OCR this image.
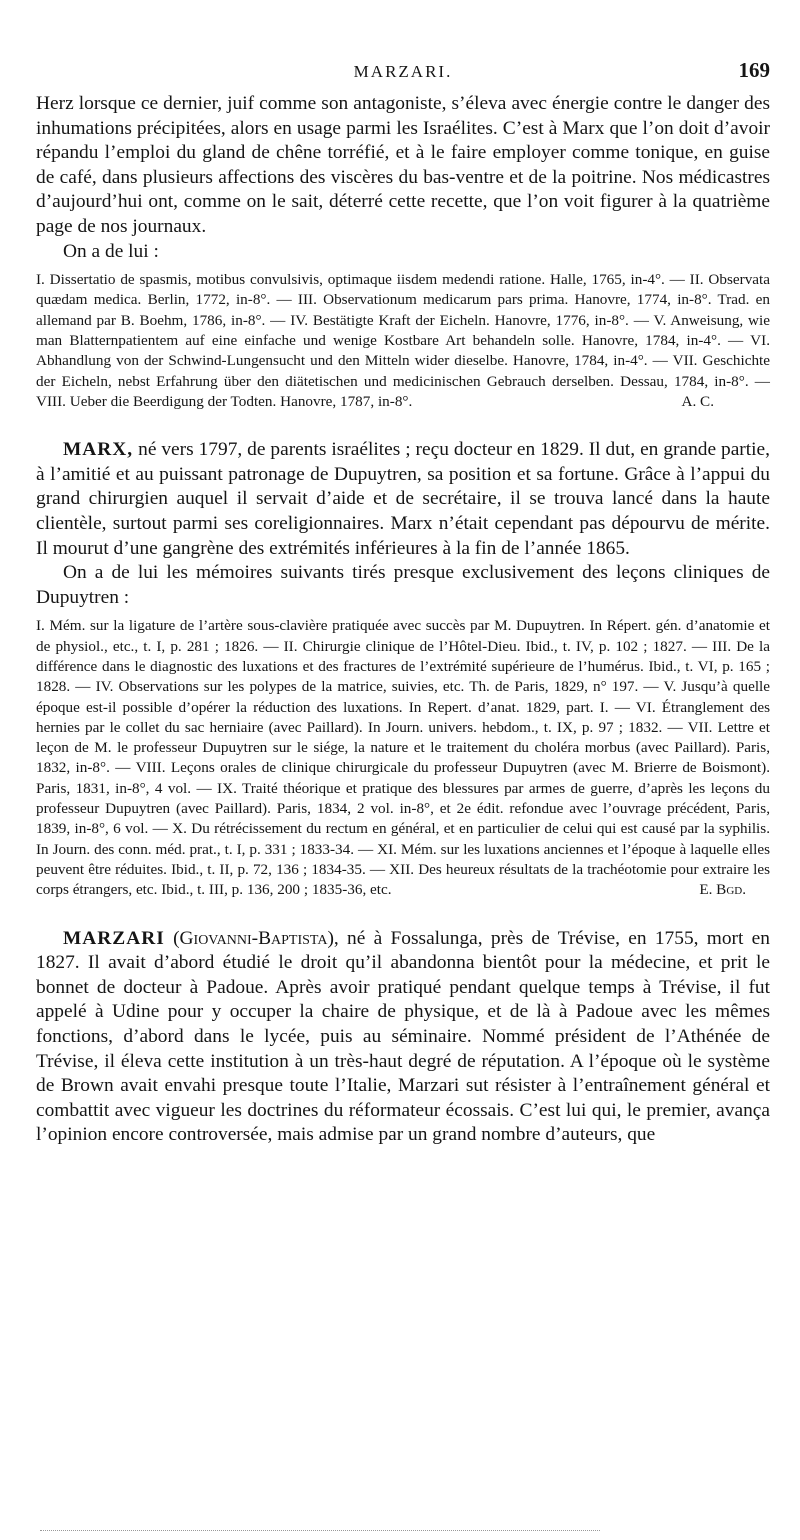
MARZARI.	169

Herz lorsque ce dernier, juif comme son antagoniste, s’éleva avec énergie contre le danger des inhumations précipitées, alors en usage parmi les Israélites. C’est à Marx que l’on doit d’avoir répandu l’emploi du gland de chêne torréfié, et à le faire employer comme tonique, en guise de café, dans plusieurs affections des viscères du bas-ventre et de la poitrine. Nos médicastres d’aujourd’hui ont, comme on le sait, déterré cette recette, que l’on voit figurer à la quatrième page de nos journaux.

On a de lui :

I. Dissertatio de spasmis, motibus convulsivis, optimaque iisdem medendi ratione. Halle, 1765, in-4°. — II. Observata quædam medica. Berlin, 1772, in-8°. — III. Observationum medicarum pars prima. Hanovre, 1774, in-8°. Trad. en allemand par B. Boehm, 1786, in-8°. — IV. Bestätigte Kraft der Eicheln. Hanovre, 1776, in-8°. — V. Anweisung, wie man Blatternpatientem auf eine einfache und wenige Kostbare Art behandeln solle. Hanovre, 1784, in-4°. — VI. Abhandlung von der Schwind-Lungensucht und den Mitteln wider dieselbe. Hanovre, 1784, in-4°. — VII. Geschichte der Eicheln, nebst Erfahrung über den diätetischen und medicinischen Gebrauch derselben. Dessau, 1784, in-8°. — VIII. Ueber die Beerdigung der Todten. Hanovre, 1787, in-8°.	A. C.

MARX, né vers 1797, de parents israélites ; reçu docteur en 1829. Il dut, en grande partie, à l’amitié et au puissant patronage de Dupuytren, sa position et sa fortune. Grâce à l’appui du grand chirurgien auquel il servait d’aide et de secrétaire, il se trouva lancé dans la haute clientèle, surtout parmi ses coreligionnaires. Marx n’était cependant pas dépourvu de mérite. Il mourut d’une gangrène des extrémités inférieures à la fin de l’année 1865.

On a de lui les mémoires suivants tirés presque exclusivement des leçons cliniques de Dupuytren :

I. Mém. sur la ligature de l’artère sous-clavière pratiquée avec succès par M. Dupuytren. In Répert. gén. d’anatomie et de physiol., etc., t. I, p. 281 ; 1826. — II. Chirurgie clinique de l’Hôtel-Dieu. Ibid., t. IV, p. 102 ; 1827. — III. De la différence dans le diagnostic des luxations et des fractures de l’extrémité supérieure de l’humérus. Ibid., t. VI, p. 165 ; 1828. — IV. Observations sur les polypes de la matrice, suivies, etc. Th. de Paris, 1829, n° 197. — V. Jusqu’à quelle époque est-il possible d’opérer la réduction des luxations. In Repert. d’anat. 1829, part. I. — VI. Étranglement des hernies par le collet du sac herniaire (avec Paillard). In Journ. univers. hebdom., t. IX, p. 97 ; 1832. — VII. Lettre et leçon de M. le professeur Dupuytren sur le siége, la nature et le traitement du choléra morbus (avec Paillard). Paris, 1832, in-8°. — VIII. Leçons orales de clinique chirurgicale du professeur Dupuytren (avec M. Brierre de Boismont). Paris, 1831, in-8°, 4 vol. — IX. Traité théorique et pratique des blessures par armes de guerre, d’après les leçons du professeur Dupuytren (avec Paillard). Paris, 1834, 2 vol. in-8°, et 2e édit. refondue avec l’ouvrage précédent, Paris, 1839, in-8°, 6 vol. — X. Du rétrécissement du rectum en général, et en particulier de celui qui est causé par la syphilis. In Journ. des conn. méd. prat., t. I, p. 331 ; 1833-34. — XI. Mém. sur les luxations anciennes et l’époque à laquelle elles peuvent être réduites. Ibid., t. II, p. 72, 136 ; 1834-35. — XII. Des heureux résultats de la trachéotomie pour extraire les corps étrangers, etc. Ibid., t. III, p. 136, 200 ; 1835-36, etc.	E. Bgd.

MARZARI (Giovanni-Baptista), né à Fossalunga, près de Trévise, en 1755, mort en 1827. Il avait d’abord étudié le droit qu’il abandonna bientôt pour la médecine, et prit le bonnet de docteur à Padoue. Après avoir pratiqué pendant quelque temps à Trévise, il fut appelé à Udine pour y occuper la chaire de physique, et de là à Padoue avec les mêmes fonctions, d’abord dans le lycée, puis au séminaire. Nommé président de l’Athénée de Trévise, il éleva cette institution à un très-haut degré de réputation. A l’époque où le système de Brown avait envahi presque toute l’Italie, Marzari sut résister à l’entraînement général et combattit avec vigueur les doctrines du réformateur écossais. C’est lui qui, le premier, avança l’opinion encore controversée, mais admise par un grand nombre d’auteurs, que
